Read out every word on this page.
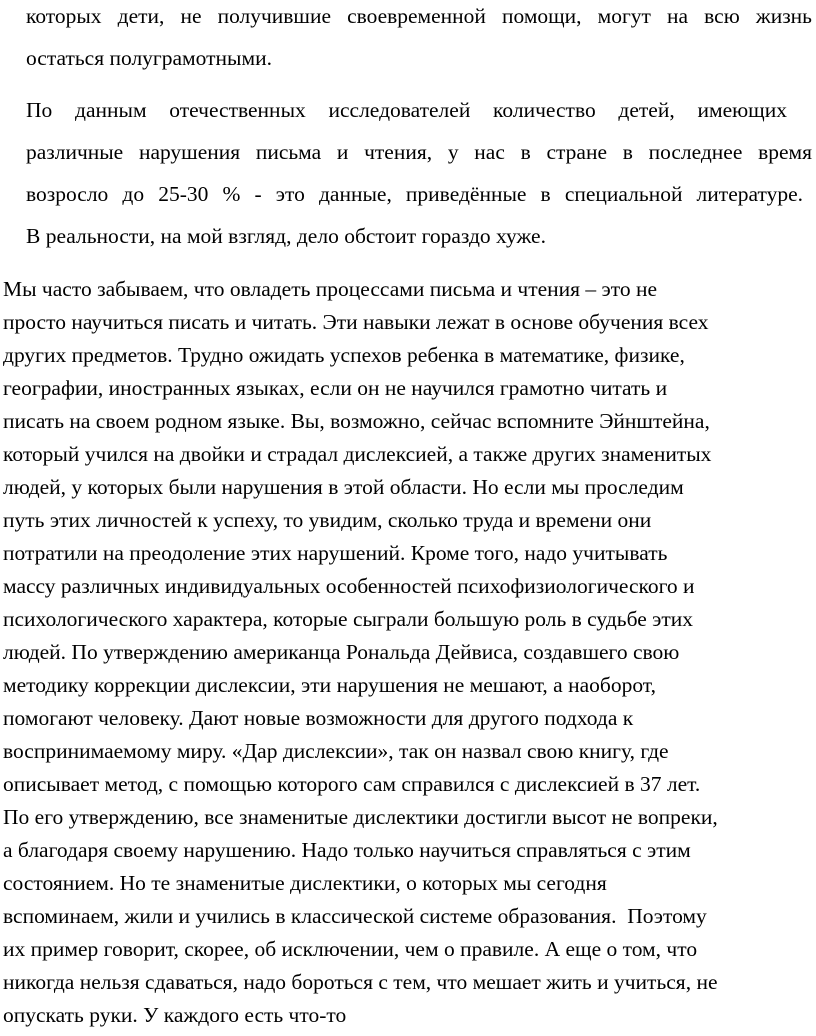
которых дети, не получившие своевременной помощи, могут на всю жизнь
остаться полуграмотными.
По данным отечественных исследователей количество детей, имеющих
различные нарушения письма и чтения, у нас в стране в последнее время
возросло до 25-30 % - это данные, приведённые в специальной литературе.
В реальности, на мой взгляд, дело обстоит гораздо хуже.
Мы часто забываем, что овладеть процессами письма и чтения – это не
просто научиться писать и читать. Эти навыки лежат в основе обучения всех
других предметов. Трудно ожидать успехов ребенка в математике, физике,
географии, иностранных языках, если он не научился грамотно читать и
писать на своем родном языке. Вы, возможно, сейчас вспомните Эйнштейна,
который учился на двойки и страдал дислексией, а также других знаменитых
людей, у которых были нарушения в этой области. Но если мы проследим
путь этих личностей к успеху, то увидим, сколько труда и времени они
потратили на преодоление этих нарушений. Кроме того, надо учитывать
массу различных индивидуальных особенностей психофизиологического и
психологического характера, которые сыграли большую роль в судьбе этих
людей. По утверждению американца Рональда Дейвиса, создавшего свою
методику коррекции дислексии, эти нарушения не мешают, а наоборот,
помогают человеку. Дают новые возможности для другого подхода к
воспринимаемому миру. «Дар дислексии», так он назвал свою книгу, где
описывает метод, с помощью которого сам справился с дислексией в 37 лет.
По его утверждению, все знаменитые дислектики достигли высот не вопреки,
а благодаря своему нарушению. Надо только научиться справляться с этим
состоянием. Но те знаменитые дислектики, о которых мы сегодня
вспоминаем, жили и учились в классической системе образования.  Поэтому
их пример говорит, скорее, об исключении, чем о правиле. А еще о том, что
никогда нельзя сдаваться, надо бороться с тем, что мешает жить и учиться, не
опускать руки. У каждого есть что-то
